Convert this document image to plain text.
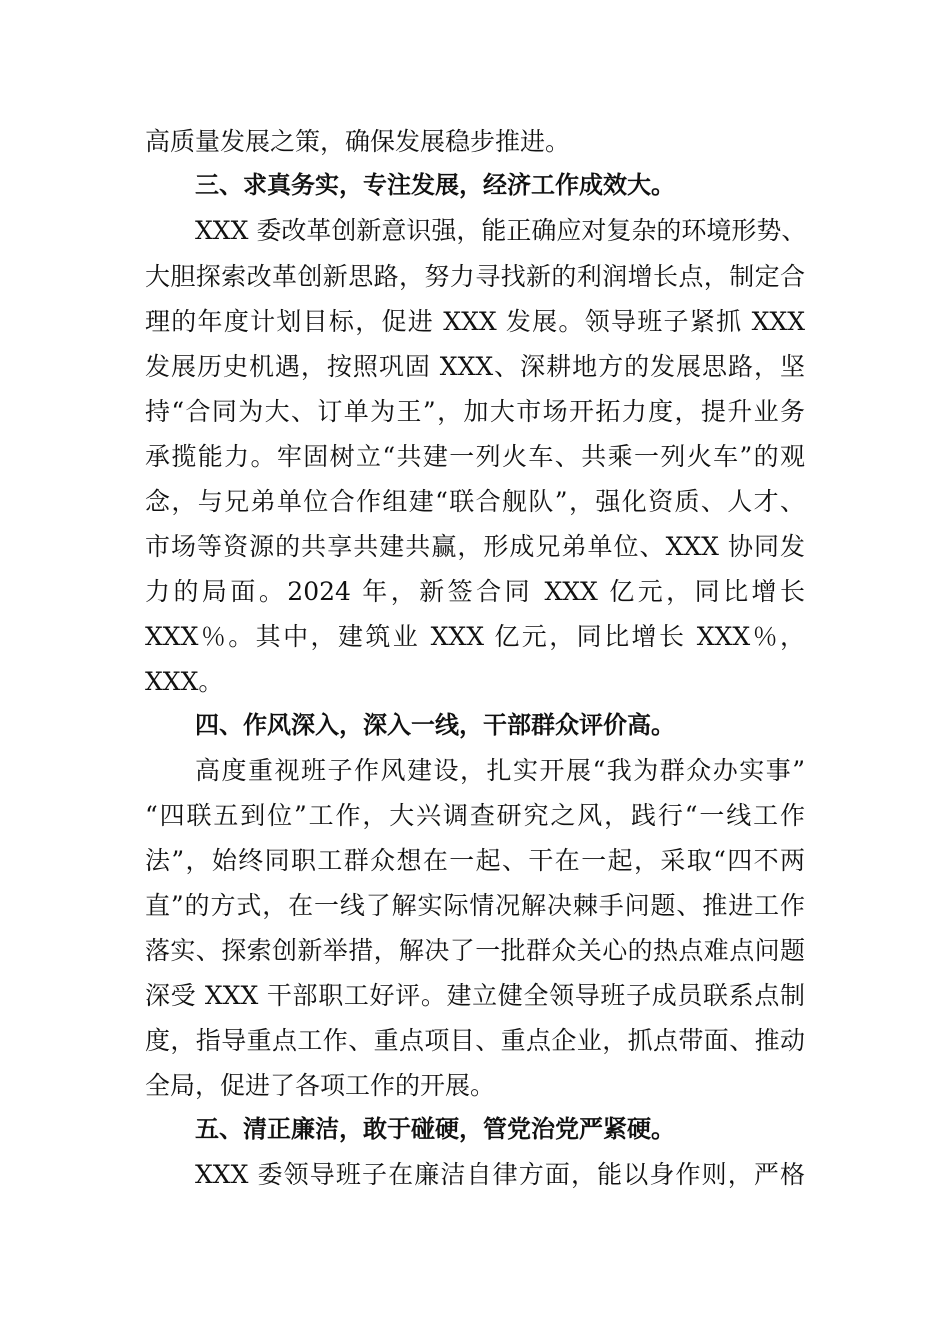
高质量发展之策，确保发展稳步推进。
三、求真务实，专注发展，经济工作成效大。
XXX 委改革创新意识强，能正确应对复杂的环境形势、
大胆探索改革创新思路，努力寻找新的利润增长点，制定合
理的年度计划目标，促进 XXX 发展。领导班子紧抓 XXX
发展历史机遇，按照巩固 XXX、深耕地方的发展思路，坚
持“合同为大、订单为王”，加大市场开拓力度，提升业务
承揽能力。牢固树立“共建一列火车、共乘一列火车”的观
念，与兄弟单位合作组建“联合舰队”，强化资质、人才、
市场等资源的共享共建共赢，形成兄弟单位、XXX 协同发
力的局面。2024 年，新签合同 XXX 亿元，同比增长
XXX％。其中，建筑业 XXX 亿元，同比增长 XXX％，
XXX。
四、作风深入，深入一线，干部群众评价高。
高度重视班子作风建设，扎实开展“我为群众办实事”
“四联五到位”工作，大兴调查研究之风，践行“一线工作
法”，始终同职工群众想在一起、干在一起，采取“四不两
直”的方式，在一线了解实际情况解决棘手问题、推进工作
落实、探索创新举措，解决了一批群众关心的热点难点问题
深受 XXX 干部职工好评。建立健全领导班子成员联系点制
度，指导重点工作、重点项目、重点企业，抓点带面、推动
全局，促进了各项工作的开展。
五、清正廉洁，敢于碰硬，管党治党严紧硬。
XXX 委领导班子在廉洁自律方面，能以身作则，严格
